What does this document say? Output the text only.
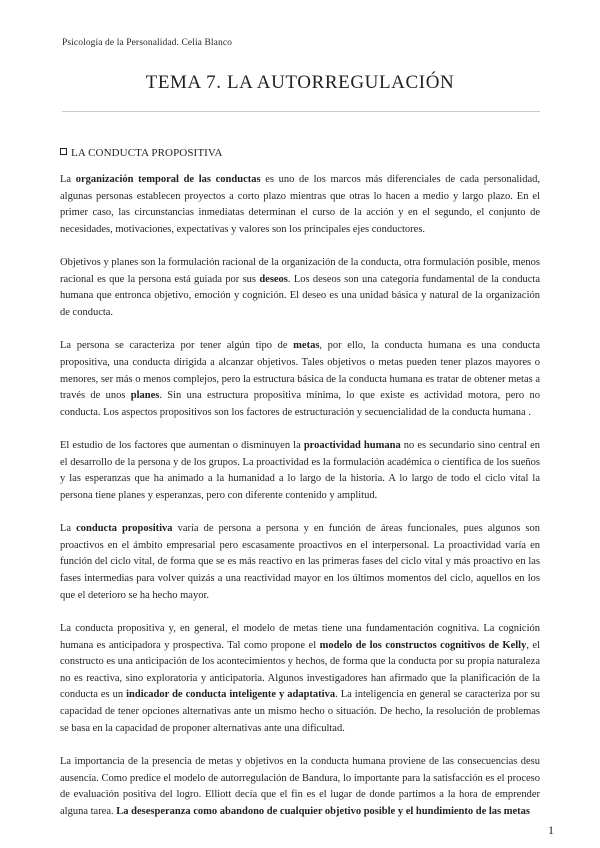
Psicología de la Personalidad. Celia Blanco
TEMA 7. LA AUTORREGULACIÓN
LA CONDUCTA PROPOSITIVA

La organización temporal de las conductas es uno de los marcos más diferenciales de cada personalidad, algunas personas establecen proyectos a corto plazo mientras que otras lo hacen a medio y largo plazo. En el primer caso, las circunstancias inmediatas determinan el curso de la acción y en el segundo, el conjunto de necesidades, motivaciones, expectativas y valores son los principales ejes conductores.

Objetivos y planes son la formulación racional de la organización de la conducta, otra formulación posible, menos racional es que la persona está guiada por sus deseos. Los deseos son una categoría fundamental de la conducta humana que entronca objetivo, emoción y cognición. El deseo es una unidad básica y natural de la organización de conducta.

La persona se caracteriza por tener algún tipo de metas, por ello, la conducta humana es una conducta propositiva, una conducta dirigida a alcanzar objetivos. Tales objetivos o metas pueden tener plazos mayores o menores, ser más o menos complejos, pero la estructura básica de la conducta humana es tratar de obtener metas a través de unos planes. Sin una estructura propositiva mínima, lo que existe es actividad motora, pero no conducta. Los aspectos propositivos son los factores de estructuración y secuencialidad de la conducta humana .

El estudio de los factores que aumentan o disminuyen la proactividad humana no es secundario sino central en el desarrollo de la persona y de los grupos. La proactividad es la formulación académica o científica de los sueños y las esperanzas que ha animado a la humanidad a lo largo de la historia. A lo largo de todo el ciclo vital la persona tiene planes y esperanzas, pero con diferente contenido y amplitud.

La conducta propositiva varía de persona a persona y en función de áreas funcionales, pues algunos son proactivos en el ámbito empresarial pero escasamente proactivos en el interpersonal. La proactividad varía en función del ciclo vital, de forma que se es más reactivo en las primeras fases del ciclo vital y más proactivo en las fases intermedias para volver quizás a una reactividad mayor en los últimos momentos del ciclo, aquellos en los que el deterioro se ha hecho mayor.

La conducta propositiva y, en general, el modelo de metas tiene una fundamentación cognitiva. La cognición humana es anticipadora y prospectiva. Tal como propone el modelo de los constructos cognitivos de Kelly, el constructo es una anticipación de los acontecimientos y hechos, de forma que la conducta por su propia naturaleza no es reactiva, sino exploratoria y anticipatoria. Algunos investigadores han afirmado que la planificación de la conducta es un indicador de conducta inteligente y adaptativa. La inteligencia en general se caracteriza por su capacidad de tener opciones alternativas ante un mismo hecho o situación. De hecho, la resolución de problemas se basa en la capacidad de proponer alternativas ante una dificultad.

La importancia de la presencia de metas y objetivos en la conducta humana proviene de las consecuencias desu ausencia. Como predice el modelo de autorregulación de Bandura, lo importante para la satisfacción es el proceso de evaluación positiva del logro. Elliott decía que el fin es el lugar de donde partimos a la hora de emprender alguna tarea. La desesperanza como abandono de cualquier objetivo posible y el hundimiento de las metas

1
